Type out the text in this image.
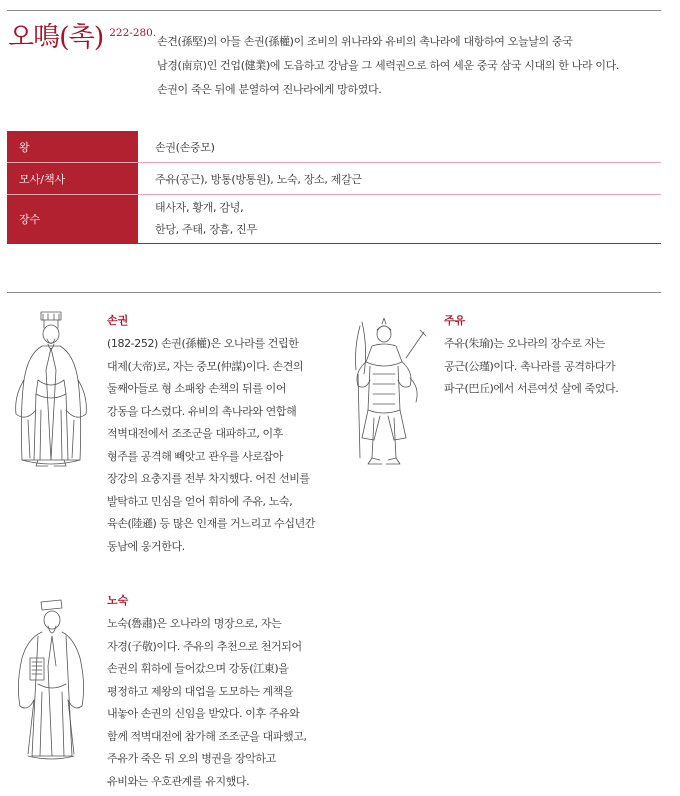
오鳴(촉) $^{222-280.}$

손견(孫堅)의 아들 손권(孫權)이 조비의 위나라와 유비의 촉나라에 대항하여 오늘날의 중국

남경(南京)인 건업(健業)에 도읍하고 강남을 그 세력권으로 하여 세운 중국 삼국 시대의 한 나라 이다.

손권이 죽은 뒤에 분열하여 진나라에게 망하였다.

왕	손권(손중모)
모사/책사	주유(공근), 방통(방통원), 노숙, 장소, 제갈근
장수
태사자, 황개, 감녕,
한당, 주태, 장흠, 진무
손권
(182-252) 손권(孫權)은 오나라를 건립한
대제(大帝)로, 자는 중모(仲謀)이다. 손견의
둘째아들로 형 소패왕 손책의 뒤를 이어
강동을 다스렸다. 유비의 촉나라와 연합해
적벽대전에서 조조군을 대파하고, 이후
형주를 공격해 빼앗고 관우를 사로잡아
장강의 요충지를 전부 차지했다. 어진 선비를
발탁하고 민심을 얻어 휘하에 주유, 노숙,
육손(陸遜) 등 많은 인재를 거느리고 수십년간
동남에 웅거한다.
주유
주유(朱瑜)는 오나라의 장수로 자는
공근(公瑾)이다. 촉나라를 공격하다가
파구(巴丘)에서 서른여섯 살에 죽었다.
노숙
노숙(魯肅)은 오나라의 명장으로, 자는
자경(子敬)이다. 주유의 추천으로 천거되어
손권의 휘하에 들어갔으며 강동(江東)을
평정하고 제왕의 대업을 도모하는 계책을
내놓아 손권의 신임을 받았다. 이후 주유와
함께 적벽대전에 참가해 조조군을 대파했고,
주유가 죽은 뒤 오의 병권을 장악하고
유비와는 우호관계를 유지했다.
